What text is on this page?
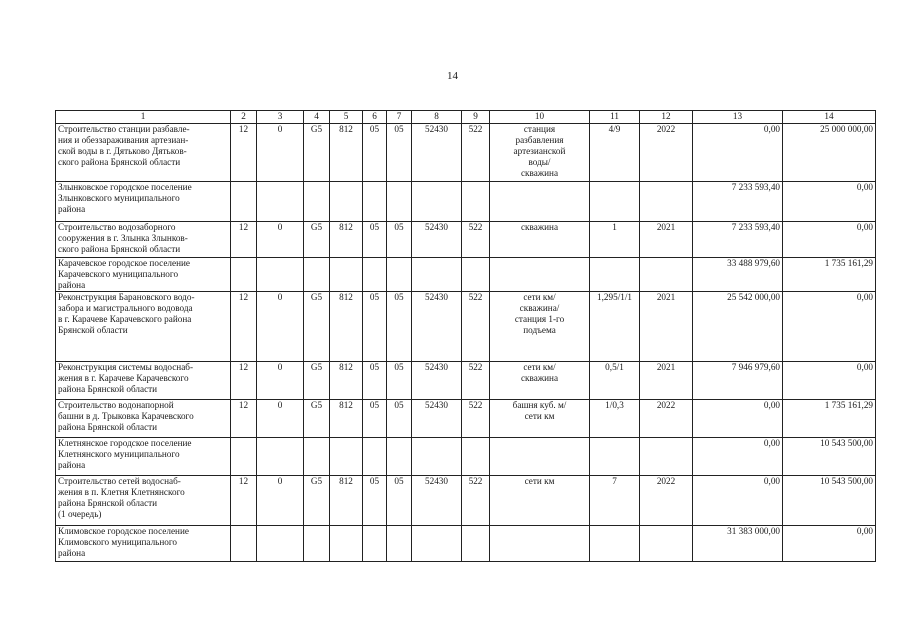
14
1	2	3	4	5	6	7	8	9	10	11	12	13	14
Строительство станции разбавле-
ния и обеззараживания артезиан-
ской воды в г. Дятьково Дятьков-
ского района Брянской области	12	0	G5	812	05	05	52430	522	станция
разбавления
артезианской
воды/
скважина	4/9	2022	0,00	25 000 000,00
Злынковское городское поселение
Злынковского муниципального
района												7 233 593,40	0,00
Строительство водозаборного
сооружения в г. Злынка Злынков-
ского района Брянской области	12	0	G5	812	05	05	52430	522	скважина	1	2021	7 233 593,40	0,00
Карачевское городское поселение
Карачевского муниципального
района												33 488 979,60	1 735 161,29
Реконструкция Барановского водо-
забора и магистрального водовода
в г. Карачеве Карачевского района
Брянской области	12	0	G5	812	05	05	52430	522	сети км/
скважина/
станция 1-го
подъема	1,295/1/1	2021	25 542 000,00	0,00
Реконструкция системы водоснаб-
жения в г. Карачеве Карачевского
района Брянской области	12	0	G5	812	05	05	52430	522	сети км/
скважина	0,5/1	2021	7 946 979,60	0,00
Строительство водонапорной
башни в д. Трыковка Карачевского
района Брянской области	12	0	G5	812	05	05	52430	522	башня куб. м/
сети км	1/0,3	2022	0,00	1 735 161,29
Клетнянское городское поселение
Клетнянского муниципального
района												0,00	10 543 500,00
Строительство сетей водоснаб-
жения в п. Клетня Клетнянского
района Брянской области
(1 очередь)	12	0	G5	812	05	05	52430	522	сети км	7	2022	0,00	10 543 500,00
Климовское городское поселение
Климовского муниципального
района												31 383 000,00	0,00
